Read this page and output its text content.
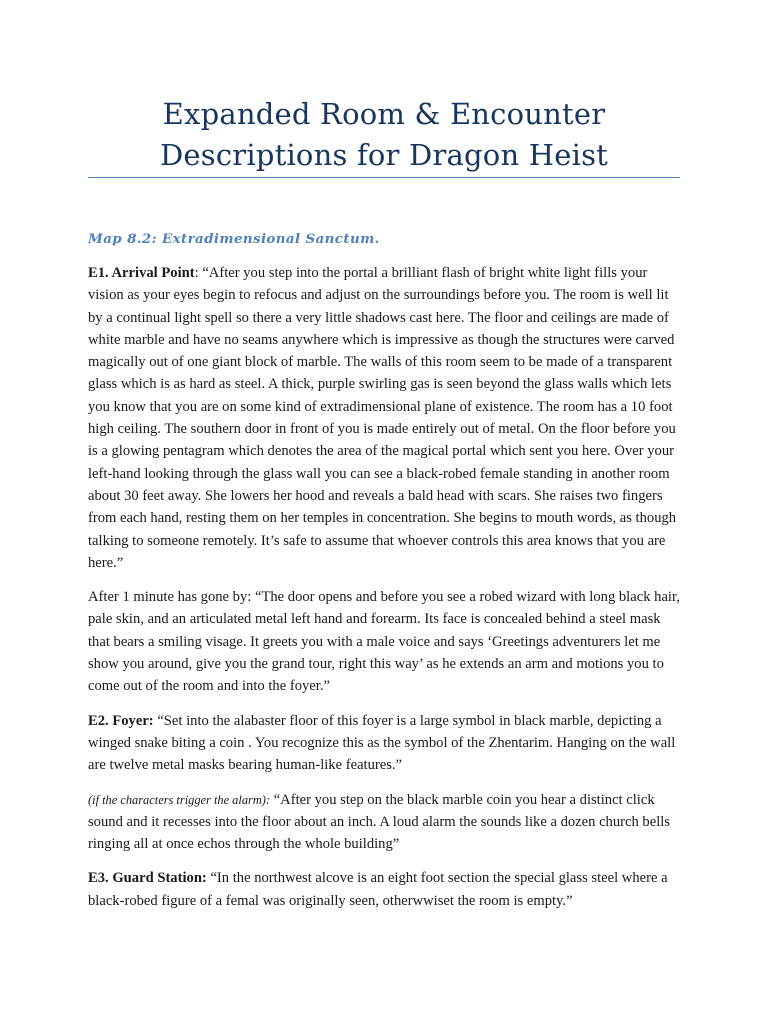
Expanded Room & Encounter
Descriptions for Dragon Heist
Map 8.2: Extradimensional Sanctum.

E1. Arrival Point: “After you step into the portal a brilliant flash of bright white light fills your vision as your eyes begin to refocus and adjust on the surroundings before you. The room is well lit by a continual light spell so there a very little shadows cast here. The floor and ceilings are made of white marble and have no seams anywhere which is impressive as though the structures were carved magically out of one giant block of marble. The walls of this room seem to be made of a transparent glass which is as hard as steel. A thick, purple swirling gas is seen beyond the glass walls which lets you know that you are on some kind of extradimensional plane of existence. The room has a 10 foot high ceiling. The southern door in front of you is made entirely out of metal. On the floor before you is a glowing pentagram which denotes the area of the magical portal which sent you here. Over your left-hand looking through the glass wall you can see a black-robed female standing in another room about 30 feet away. She lowers her hood and reveals a bald head with scars. She raises two fingers from each hand, resting them on her temples in concentration. She begins to mouth words, as though talking to someone remotely. It’s safe to assume that whoever controls this area knows that you are here.”

After 1 minute has gone by: “The door opens and before you see a robed wizard with long black hair, pale skin, and an articulated metal left hand and forearm. Its face is concealed behind a steel mask that bears a smiling visage. It greets you with a male voice and says ‘Greetings adventurers let me show you around, give you the grand tour, right this way’ as he extends an arm and motions you to come out of the room and into the foyer.”

E2. Foyer: “Set into the alabaster floor of this foyer is a large symbol in black marble, depicting a winged snake biting a coin . You recognize this as the symbol of the Zhentarim. Hanging on the wall are twelve metal masks bearing human-like features.”

(if the characters trigger the alarm): “After you step on the black marble coin you hear a distinct click sound and it recesses into the floor about an inch. A loud alarm the sounds like a dozen church bells ringing all at once echos through the whole building”

E3. Guard Station: “In the northwest alcove is an eight foot section the special glass steel where a black-robed figure of a femal was originally seen, otherwwiset the room is empty.”
